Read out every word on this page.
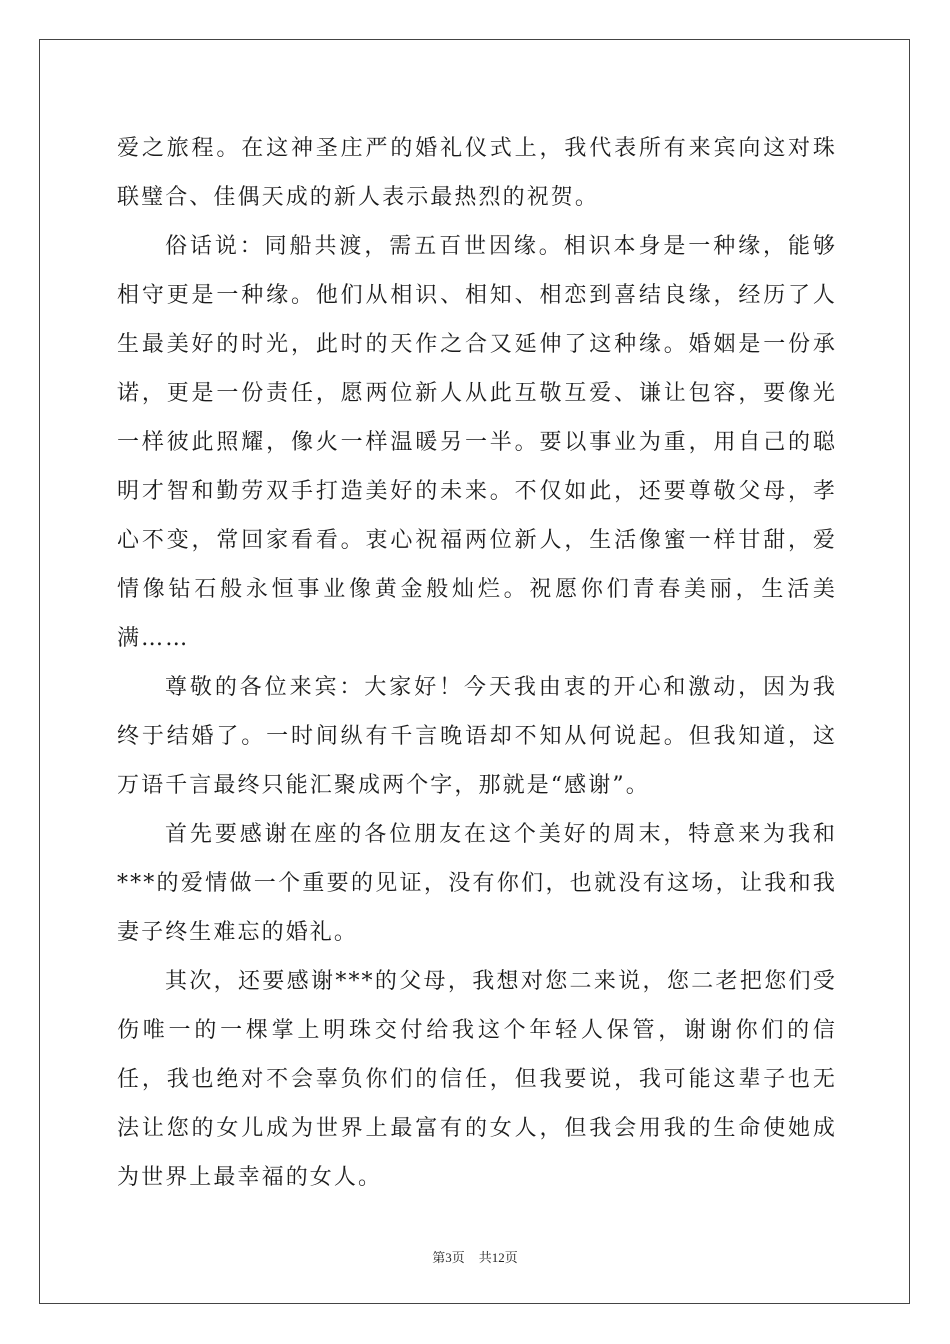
爱之旅程。在这神圣庄严的婚礼仪式上，我代表所有来宾向这对珠联璧合、佳偶天成的新人表示最热烈的祝贺。

俗话说：同船共渡，需五百世因缘。相识本身是一种缘，能够相守更是一种缘。他们从相识、相知、相恋到喜结良缘，经历了人生最美好的时光，此时的天作之合又延伸了这种缘。婚姻是一份承诺，更是一份责任，愿两位新人从此互敬互爱、谦让包容，要像光一样彼此照耀，像火一样温暖另一半。要以事业为重，用自己的聪明才智和勤劳双手打造美好的未来。不仅如此，还要尊敬父母，孝心不变，常回家看看。衷心祝福两位新人，生活像蜜一样甘甜，爱情像钻石般永恒事业像黄金般灿烂。祝愿你们青春美丽，生活美满……

尊敬的各位来宾：大家好！今天我由衷的开心和激动，因为我终于结婚了。一时间纵有千言晚语却不知从何说起。但我知道，这万语千言最终只能汇聚成两个字，那就是“感谢”。

首先要感谢在座的各位朋友在这个美好的周末，特意来为我和***的爱情做一个重要的见证，没有你们，也就没有这场，让我和我妻子终生难忘的婚礼。

其次，还要感谢***的父母，我想对您二来说，您二老把您们受伤唯一的一棵掌上明珠交付给我这个年轻人保管，谢谢你们的信任，我也绝对不会辜负你们的信任，但我要说，我可能这辈子也无法让您的女儿成为世界上最富有的女人，但我会用我的生命使她成为世界上最幸福的女人。

第3页 共12页
